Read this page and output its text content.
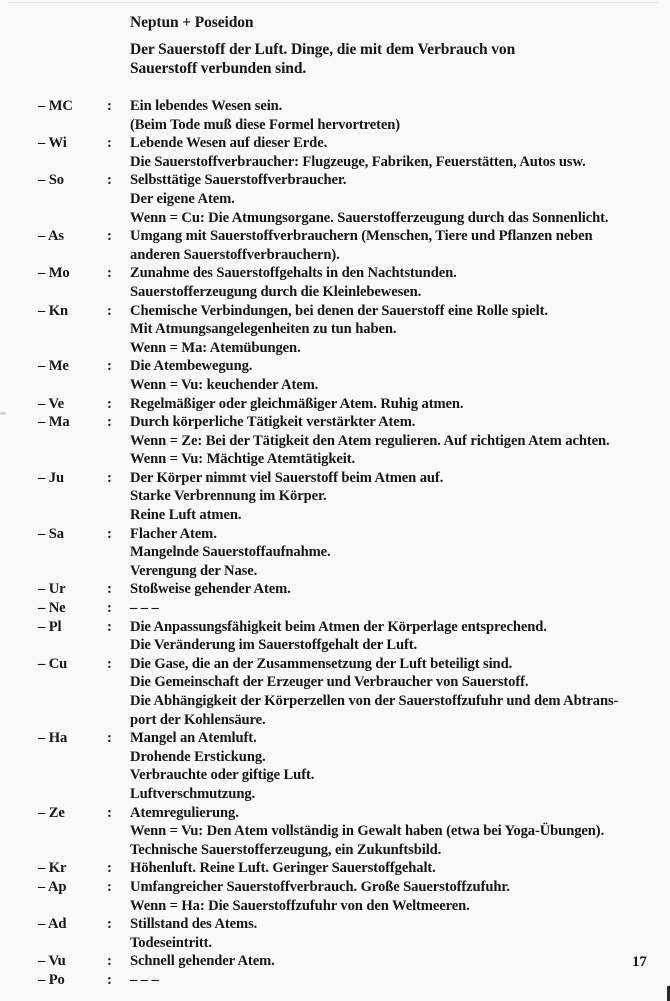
Neptun + Poseidon
Der Sauerstoff der Luft. Dinge, die mit dem Verbrauch von
Sauerstoff verbunden sind.
– MC	:	Ein lebendes Wesen sein.
(Beim Tode muß diese Formel hervortreten)
– Wi	:	Lebende Wesen auf dieser Erde.
Die Sauerstoffverbraucher: Flugzeuge, Fabriken, Feuerstätten, Autos usw.
– So	:	Selbsttätige Sauerstoffverbraucher.
Der eigene Atem.
Wenn = Cu: Die Atmungsorgane. Sauerstofferzeugung durch das Sonnenlicht.
– As	:	Umgang mit Sauerstoffverbrauchern (Menschen, Tiere und Pflanzen neben
anderen Sauerstoffverbrauchern).
– Mo	:	Zunahme des Sauerstoffgehalts in den Nachtstunden.
Sauerstofferzeugung durch die Kleinlebewesen.
– Kn	:	Chemische Verbindungen, bei denen der Sauerstoff eine Rolle spielt.
Mit Atmungsangelegenheiten zu tun haben.
Wenn = Ma: Atemübungen.
– Me	:	Die Atembewegung.
Wenn = Vu: keuchender Atem.
– Ve	:	Regelmäßiger oder gleichmäßiger Atem. Ruhig atmen.
– Ma	:	Durch körperliche Tätigkeit verstärkter Atem.
Wenn = Ze: Bei der Tätigkeit den Atem regulieren. Auf richtigen Atem achten.
Wenn = Vu: Mächtige Atemtätigkeit.
– Ju	:	Der Körper nimmt viel Sauerstoff beim Atmen auf.
Starke Verbrennung im Körper.
Reine Luft atmen.
– Sa	:	Flacher Atem.
Mangelnde Sauerstoffaufnahme.
Verengung der Nase.
– Ur	:	Stoßweise gehender Atem.
– Ne	:	– – –
– Pl	:	Die Anpassungsfähigkeit beim Atmen der Körperlage entsprechend.
Die Veränderung im Sauerstoffgehalt der Luft.
– Cu	:	Die Gase, die an der Zusammensetzung der Luft beteiligt sind.
Die Gemeinschaft der Erzeuger und Verbraucher von Sauerstoff.
Die Abhängigkeit der Körperzellen von der Sauerstoffzufuhr und dem Abtrans-
port der Kohlensäure.
– Ha	:	Mangel an Atemluft.
Drohende Erstickung.
Verbrauchte oder giftige Luft.
Luftverschmutzung.
– Ze	:	Atemregulierung.
Wenn = Vu: Den Atem vollständig in Gewalt haben (etwa bei Yoga-Übungen).
Technische Sauerstofferzeugung, ein Zukunftsbild.
– Kr	:	Höhenluft. Reine Luft. Geringer Sauerstoffgehalt.
– Ap	:	Umfangreicher Sauerstoffverbrauch. Große Sauerstoffzufuhr.
Wenn = Ha: Die Sauerstoffzufuhr von den Weltmeeren.
– Ad	:	Stillstand des Atems.
Todeseintritt.
– Vu	:	Schnell gehender Atem.
– Po	:	– – –
17
